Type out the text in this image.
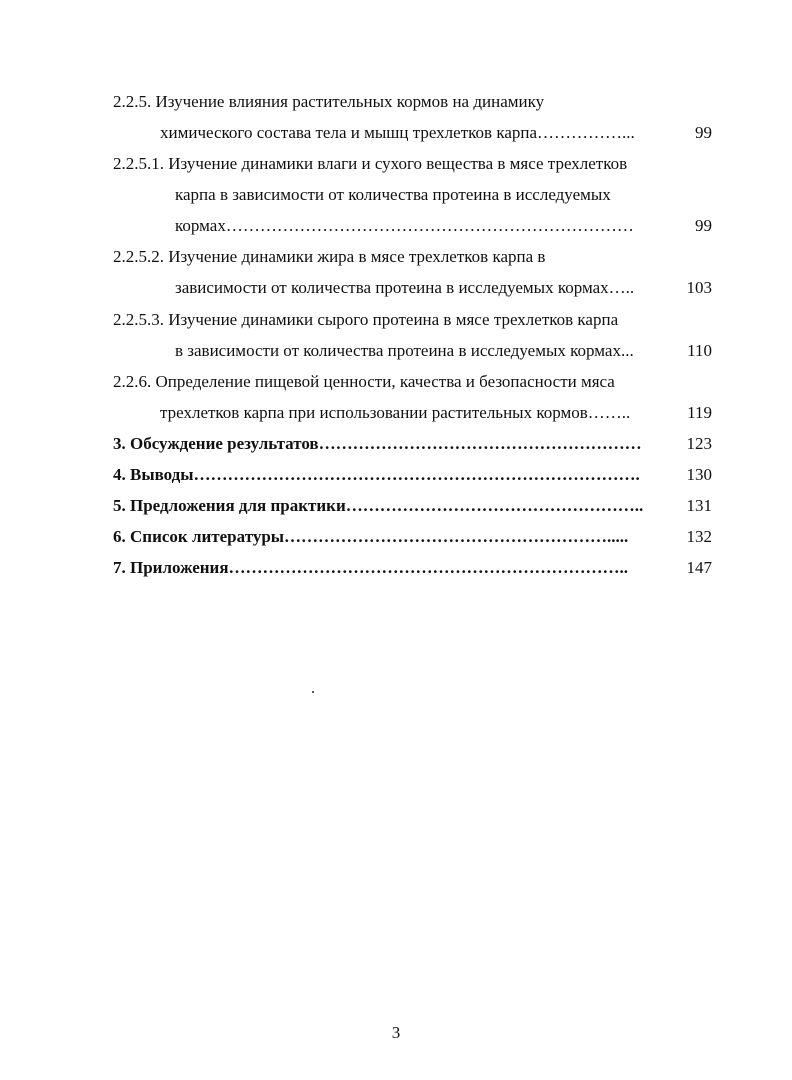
2.2.5. Изучение влияния растительных кормов на динамику
химического состава тела и мышц трехлетков карпа……………...	99
2.2.5.1. Изучение динамики влаги и сухого вещества в мясе трехлетков
карпа в зависимости от количества протеина в исследуемых
кормах………………………………………………………………	99
2.2.5.2. Изучение динамики жира в мясе трехлетков карпа в
зависимости от количества протеина в исследуемых кормах…..	103
2.2.5.3. Изучение динамики сырого протеина в мясе трехлетков карпа
в зависимости от количества протеина в исследуемых кормах...	110
2.2.6. Определение пищевой ценности, качества и безопасности мяса
трехлетков карпа при использовании растительных кормов……..	119
3. Обсуждение результатов…………………………………………………	123
4. Выводы…………………………………………………………………….	130
5. Предложения для практики……………………………………………..	131
6. Список литературы………………………………………………….....	132
7. Приложения……………………………………………………………..	147
3
